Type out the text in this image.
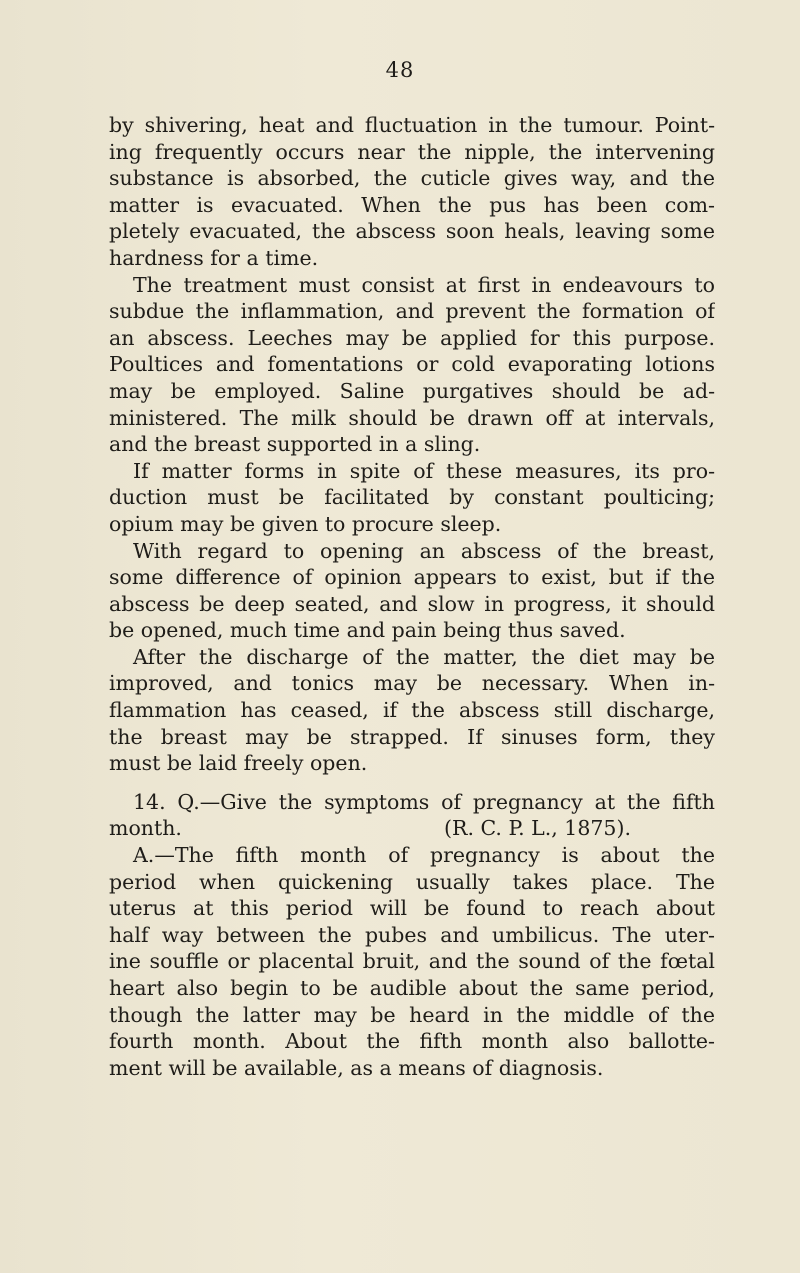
48
by shivering, heat and fluctuation in the tumour. Point-
ing frequently occurs near the nipple, the intervening
substance is absorbed, the cuticle gives way, and the
matter is evacuated. When the pus has been com-
pletely evacuated, the abscess soon heals, leaving some
hardness for a time.
The treatment must consist at first in endeavours to
subdue the inflammation, and prevent the formation of
an abscess. Leeches may be applied for this purpose.
Poultices and fomentations or cold evaporating lotions
may be employed. Saline purgatives should be ad-
ministered. The milk should be drawn off at intervals,
and the breast supported in a sling.
If matter forms in spite of these measures, its pro-
duction must be facilitated by constant poulticing;
opium may be given to procure sleep.
With regard to opening an abscess of the breast,
some difference of opinion appears to exist, but if the
abscess be deep seated, and slow in progress, it should
be opened, much time and pain being thus saved.
After the discharge of the matter, the diet may be
improved, and tonics may be necessary. When in-
flammation has ceased, if the abscess still discharge,
the breast may be strapped. If sinuses form, they
must be laid freely open.
14. Q.—Give the symptoms of pregnancy at the fifth
month.	(R. C. P. L., 1875).
A.—The fifth month of pregnancy is about the
period when quickening usually takes place. The
uterus at this period will be found to reach about
half way between the pubes and umbilicus. The uter-
ine souffle or placental bruit, and the sound of the fœtal
heart also begin to be audible about the same period,
though the latter may be heard in the middle of the
fourth month. About the fifth month also ballotte-
ment will be available, as a means of diagnosis.
